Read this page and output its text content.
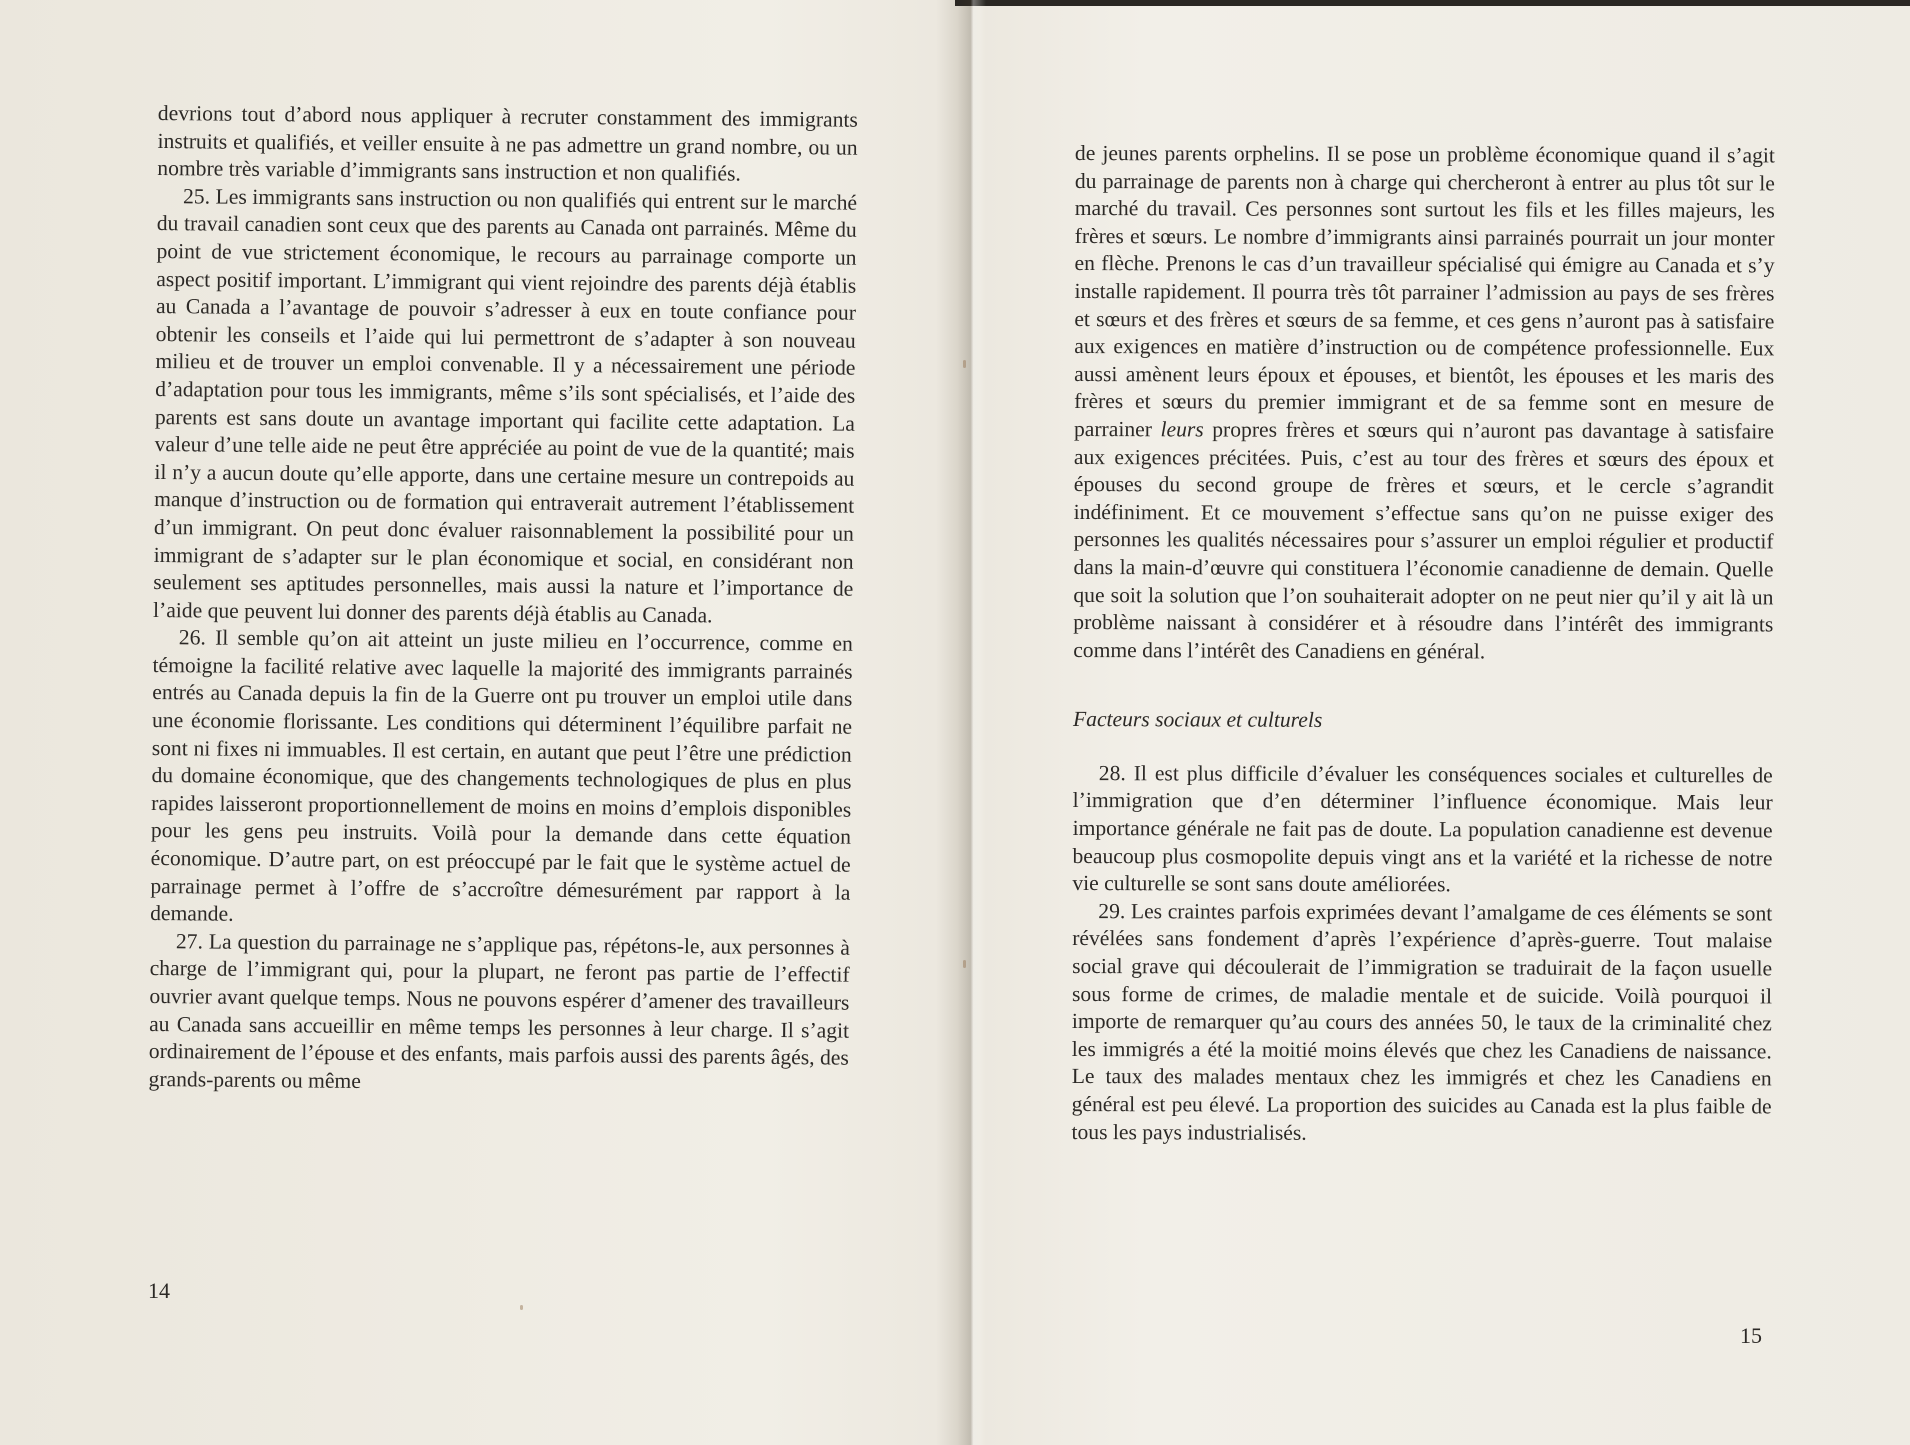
devrions tout d’abord nous appliquer à recruter constamment des immigrants instruits et qualifiés, et veiller ensuite à ne pas admettre un grand nombre, ou un nombre très variable d’immigrants sans instruction et non qualifiés.

25. Les immigrants sans instruction ou non qualifiés qui entrent sur le marché du travail canadien sont ceux que des parents au Canada ont parrainés. Même du point de vue strictement économique, le recours au parrainage comporte un aspect positif important. L’immigrant qui vient rejoindre des parents déjà établis au Canada a l’avantage de pouvoir s’adresser à eux en toute confiance pour obtenir les conseils et l’aide qui lui permettront de s’adapter à son nouveau milieu et de trouver un emploi convenable. Il y a nécessairement une période d’adaptation pour tous les immigrants, même s’ils sont spécialisés, et l’aide des parents est sans doute un avantage important qui facilite cette adaptation. La valeur d’une telle aide ne peut être appréciée au point de vue de la quantité; mais il n’y a aucun doute qu’elle apporte, dans une certaine mesure un contrepoids au manque d’instruction ou de formation qui entraverait autrement l’établissement d’un immigrant. On peut donc évaluer raisonnablement la possibilité pour un immigrant de s’adapter sur le plan économique et social, en considérant non seulement ses aptitudes personnelles, mais aussi la nature et l’importance de l’aide que peuvent lui donner des parents déjà établis au Canada.

26. Il semble qu’on ait atteint un juste milieu en l’occurrence, comme en témoigne la facilité relative avec laquelle la majorité des immigrants parrainés entrés au Canada depuis la fin de la Guerre ont pu trouver un emploi utile dans une économie florissante. Les conditions qui déterminent l’équilibre parfait ne sont ni fixes ni immuables. Il est certain, en autant que peut l’être une prédiction du domaine économique, que des changements technologiques de plus en plus rapides laisseront proportionnellement de moins en moins d’emplois disponibles pour les gens peu instruits. Voilà pour la demande dans cette équation économique. D’autre part, on est préoccupé par le fait que le système actuel de parrainage permet à l’offre de s’accroître démesurément par rapport à la demande.

27. La question du parrainage ne s’applique pas, répétons-le, aux personnes à charge de l’immigrant qui, pour la plupart, ne feront pas partie de l’effectif ouvrier avant quelque temps. Nous ne pouvons espérer d’amener des travailleurs au Canada sans accueillir en même temps les personnes à leur charge. Il s’agit ordinairement de l’épouse et des enfants, mais parfois aussi des parents âgés, des grands-parents ou même

14

de jeunes parents orphelins. Il se pose un problème économique quand il s’agit du parrainage de parents non à charge qui chercheront à entrer au plus tôt sur le marché du travail. Ces personnes sont surtout les fils et les filles majeurs, les frères et sœurs. Le nombre d’immigrants ainsi parrainés pourrait un jour monter en flèche. Prenons le cas d’un travailleur spécialisé qui émigre au Canada et s’y installe rapidement. Il pourra très tôt parrainer l’admission au pays de ses frères et sœurs et des frères et sœurs de sa femme, et ces gens n’auront pas à satisfaire aux exigences en matière d’instruction ou de compétence professionnelle. Eux aussi amènent leurs époux et épouses, et bientôt, les épouses et les maris des frères et sœurs du premier immigrant et de sa femme sont en mesure de parrainer leurs propres frères et sœurs qui n’auront pas davantage à satisfaire aux exigences précitées. Puis, c’est au tour des frères et sœurs des époux et épouses du second groupe de frères et sœurs, et le cercle s’agrandit indéfiniment. Et ce mouvement s’effectue sans qu’on ne puisse exiger des personnes les qualités nécessaires pour s’assurer un emploi régulier et productif dans la main-d’œuvre qui constituera l’économie canadienne de demain. Quelle que soit la solution que l’on souhaiterait adopter on ne peut nier qu’il y ait là un problème naissant à considérer et à résoudre dans l’intérêt des immigrants comme dans l’intérêt des Canadiens en général.

Facteurs sociaux et culturels

28. Il est plus difficile d’évaluer les conséquences sociales et culturelles de l’immigration que d’en déterminer l’influence économique. Mais leur importance générale ne fait pas de doute. La population canadienne est devenue beaucoup plus cosmopolite depuis vingt ans et la variété et la richesse de notre vie culturelle se sont sans doute améliorées.

29. Les craintes parfois exprimées devant l’amalgame de ces éléments se sont révélées sans fondement d’après l’expérience d’après-guerre. Tout malaise social grave qui découlerait de l’immigration se traduirait de la façon usuelle sous forme de crimes, de maladie mentale et de suicide. Voilà pourquoi il importe de remarquer qu’au cours des années 50, le taux de la criminalité chez les immigrés a été la moitié moins élevés que chez les Canadiens de naissance. Le taux des malades mentaux chez les immigrés et chez les Canadiens en général est peu élevé. La proportion des suicides au Canada est la plus faible de tous les pays industrialisés.

15
